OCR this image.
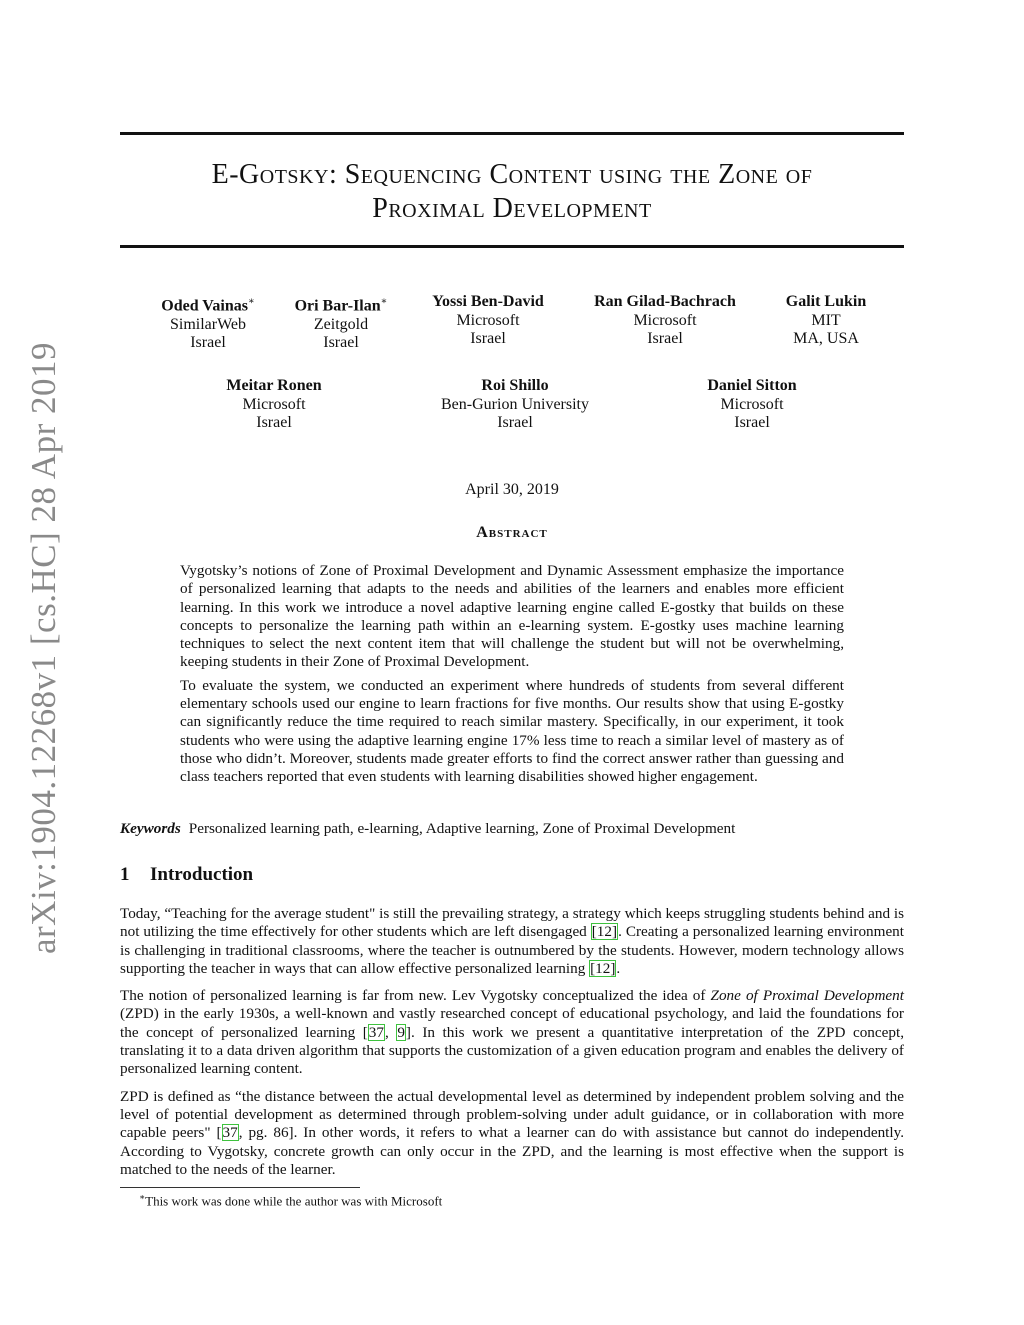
arXiv:1904.12268v1 [cs.HC] 28 Apr 2019
E-Gotsky: Sequencing Content using the Zone of
Proximal Development
Oded Vainas∗
SimilarWeb
Israel
Ori Bar-Ilan∗
Zeitgold
Israel
Yossi Ben-David
Microsoft
Israel
Ran Gilad-Bachrach
Microsoft
Israel
Galit Lukin
MIT
MA, USA
Meitar Ronen
Microsoft
Israel
Roi Shillo
Ben-Gurion University
Israel
Daniel Sitton
Microsoft
Israel
April 30, 2019
Abstract

Vygotsky’s notions of Zone of Proximal Development and Dynamic Assessment emphasize the importance of personalized learning that adapts to the needs and abilities of the learners and enables more efficient learning. In this work we introduce a novel adaptive learning engine called E-gostky that builds on these concepts to personalize the learning path within an e-learning system. E-gostky uses machine learning techniques to select the next content item that will challenge the student but will not be overwhelming, keeping students in their Zone of Proximal Development.

To evaluate the system, we conducted an experiment where hundreds of students from several different elementary schools used our engine to learn fractions for five months. Our results show that using E-gostky can significantly reduce the time required to reach similar mastery. Specifically, in our experiment, it took students who were using the adaptive learning engine 17% less time to reach a similar level of mastery as of those who didn’t. Moreover, students made greater efforts to find the correct answer rather than guessing and class teachers reported that even students with learning disabilities showed higher engagement.

Keywords Personalized learning path, e-learning, Adaptive learning, Zone of Proximal Development
1 Introduction

Today, “Teaching for the average student" is still the prevailing strategy, a strategy which keeps struggling students behind and is not utilizing the time effectively for other students which are left disengaged [12]. Creating a personalized learning environment is challenging in traditional classrooms, where the teacher is outnumbered by the students. However, modern technology allows supporting the teacher in ways that can allow effective personalized learning [12].

The notion of personalized learning is far from new. Lev Vygotsky conceptualized the idea of Zone of Proximal Development (ZPD) in the early 1930s, a well-known and vastly researched concept of educational psychology, and laid the foundations for the concept of personalized learning [37, 9]. In this work we present a quantitative interpretation of the ZPD concept, translating it to a data driven algorithm that supports the customization of a given education program and enables the delivery of personalized learning content.

ZPD is defined as “the distance between the actual developmental level as determined by independent problem solving and the level of potential development as determined through problem-solving under adult guidance, or in collaboration with more capable peers" [37, pg. 86]. In other words, it refers to what a learner can do with assistance but cannot do independently. According to Vygotsky, concrete growth can only occur in the ZPD, and the learning is most effective when the support is matched to the needs of the learner.

∗This work was done while the author was with Microsoft
